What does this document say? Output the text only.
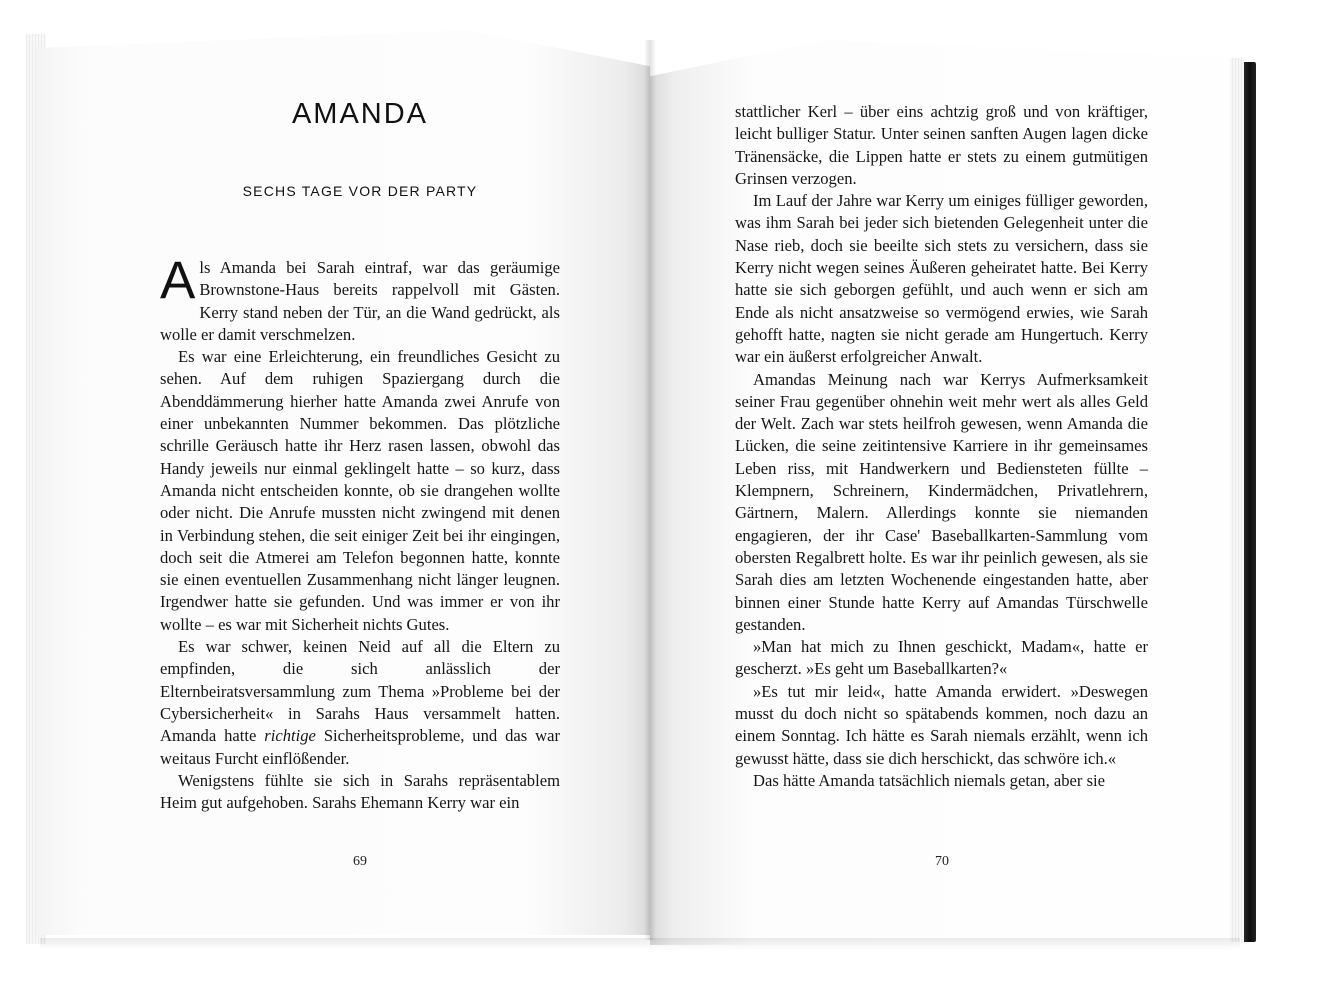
AMANDA
SECHS TAGE VOR DER PARTY

Als Amanda bei Sarah eintraf, war das geräumige Brownstone-Haus bereits rappelvoll mit Gästen. Kerry stand neben der Tür, an die Wand gedrückt, als wolle er damit verschmelzen.

Es war eine Erleichterung, ein freundliches Gesicht zu sehen. Auf dem ruhigen Spaziergang durch die Abenddämmerung hierher hatte Amanda zwei Anrufe von einer unbekannten Nummer bekommen. Das plötzliche schrille Geräusch hatte ihr Herz rasen lassen, obwohl das Handy jeweils nur einmal geklingelt hatte – so kurz, dass Amanda nicht entscheiden konnte, ob sie drangehen wollte oder nicht. Die Anrufe mussten nicht zwingend mit denen in Verbindung stehen, die seit einiger Zeit bei ihr eingingen, doch seit die Atmerei am Telefon begonnen hatte, konnte sie einen eventuellen Zusammenhang nicht länger leugnen. Irgendwer hatte sie gefunden. Und was immer er von ihr wollte – es war mit Sicherheit nichts Gutes.

Es war schwer, keinen Neid auf all die Eltern zu empfinden, die sich anlässlich der Elternbeiratsversammlung zum Thema »Probleme bei der Cybersicherheit« in Sarahs Haus versammelt hatten. Amanda hatte richtige Sicherheitsprobleme, und das war weitaus Furcht einflößender.

Wenigstens fühlte sie sich in Sarahs repräsentablem Heim gut aufgehoben. Sarahs Ehemann Kerry war ein

69

stattlicher Kerl – über eins achtzig groß und von kräftiger, leicht bulliger Statur. Unter seinen sanften Augen lagen dicke Tränensäcke, die Lippen hatte er stets zu einem gutmütigen Grinsen verzogen.

Im Lauf der Jahre war Kerry um einiges fülliger geworden, was ihm Sarah bei jeder sich bietenden Gelegenheit unter die Nase rieb, doch sie beeilte sich stets zu versichern, dass sie Kerry nicht wegen seines Äußeren geheiratet hatte. Bei Kerry hatte sie sich geborgen gefühlt, und auch wenn er sich am Ende als nicht ansatzweise so vermögend erwies, wie Sarah gehofft hatte, nagten sie nicht gerade am Hungertuch. Kerry war ein äußerst erfolgreicher Anwalt.

Amandas Meinung nach war Kerrys Aufmerksamkeit seiner Frau gegenüber ohnehin weit mehr wert als alles Geld der Welt. Zach war stets heilfroh gewesen, wenn Amanda die Lücken, die seine zeitintensive Karriere in ihr gemeinsames Leben riss, mit Handwerkern und Bediensteten füllte – Klempnern, Schreinern, Kindermädchen, Privatlehrern, Gärtnern, Malern. Allerdings konnte sie niemanden engagieren, der ihr Case' Baseballkarten-Sammlung vom obersten Regalbrett holte. Es war ihr peinlich gewesen, als sie Sarah dies am letzten Wochenende eingestanden hatte, aber binnen einer Stunde hatte Kerry auf Amandas Türschwelle gestanden.

»Man hat mich zu Ihnen geschickt, Madam«, hatte er gescherzt. »Es geht um Baseballkarten?«

»Es tut mir leid«, hatte Amanda erwidert. »Deswegen musst du doch nicht so spätabends kommen, noch dazu an einem Sonntag. Ich hätte es Sarah niemals erzählt, wenn ich gewusst hätte, dass sie dich herschickt, das schwöre ich.«

Das hätte Amanda tatsächlich niemals getan, aber sie

70
